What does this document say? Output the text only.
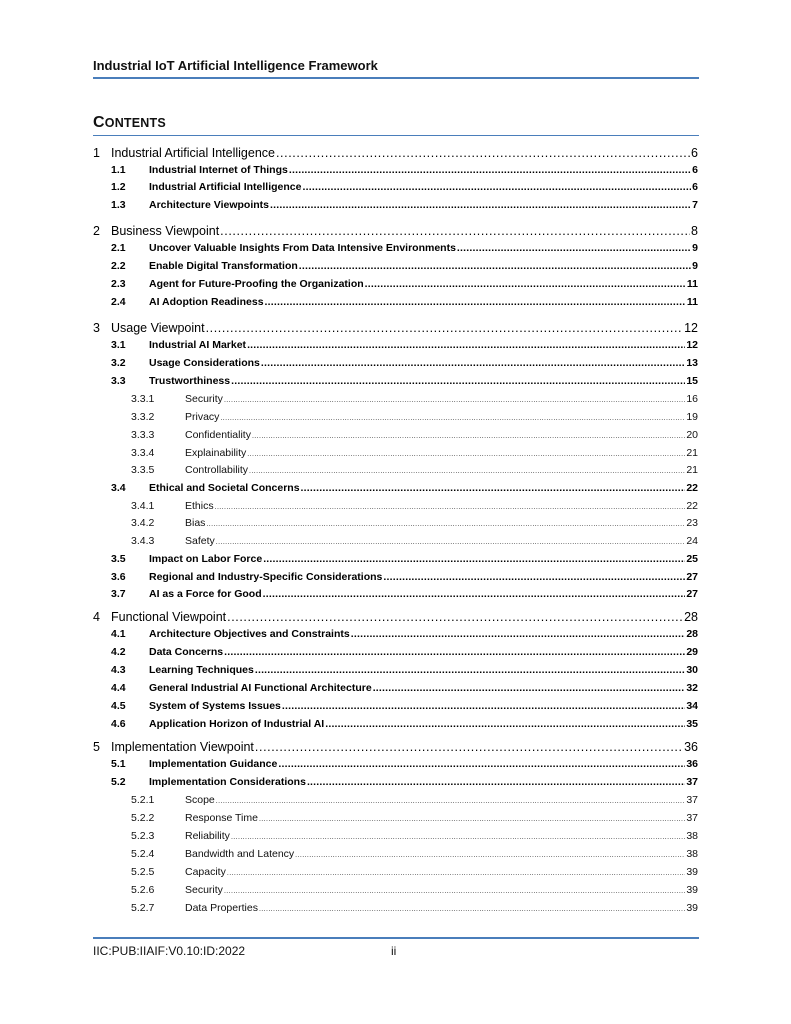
Industrial IoT Artificial Intelligence Framework
CONTENTS
1 Industrial Artificial Intelligence .....	6
1.1	Industrial Internet of Things .....	6
1.2	Industrial Artificial Intelligence .....	6
1.3	Architecture Viewpoints .....	7
2 Business Viewpoint .....	8
2.1	Uncover Valuable Insights From Data Intensive Environments .....	9
2.2	Enable Digital Transformation .....	9
2.3	Agent for Future-Proofing the Organization .....	11
2.4	AI Adoption Readiness .....	11
3 Usage Viewpoint .....	12
3.1	Industrial AI Market .....	12
3.2	Usage Considerations .....	13
3.3	Trustworthiness .....	15
3.3.1	Security .....	16
3.3.2	Privacy .....	19
3.3.3	Confidentiality .....	20
3.3.4	Explainability .....	21
3.3.5	Controllability .....	21
3.4	Ethical and Societal Concerns .....	22
3.4.1	Ethics .....	22
3.4.2	Bias .....	23
3.4.3	Safety .....	24
3.5	Impact on Labor Force .....	25
3.6	Regional and Industry-Specific Considerations .....	27
3.7	AI as a Force for Good .....	27
4 Functional Viewpoint .....	28
4.1	Architecture Objectives and Constraints .....	28
4.2	Data Concerns .....	29
4.3	Learning Techniques .....	30
4.4	General Industrial AI Functional Architecture .....	32
4.5	System of Systems Issues .....	34
4.6	Application Horizon of Industrial AI .....	35
5 Implementation Viewpoint .....	36
5.1	Implementation Guidance .....	36
5.2	Implementation Considerations .....	37
5.2.1	Scope .....	37
5.2.2	Response Time .....	37
5.2.3	Reliability .....	38
5.2.4	Bandwidth and Latency .....	38
5.2.5	Capacity .....	39
5.2.6	Security .....	39
5.2.7	Data Properties .....	39
IIC:PUB:IIAIF:V0.10:ID:2022	ii
